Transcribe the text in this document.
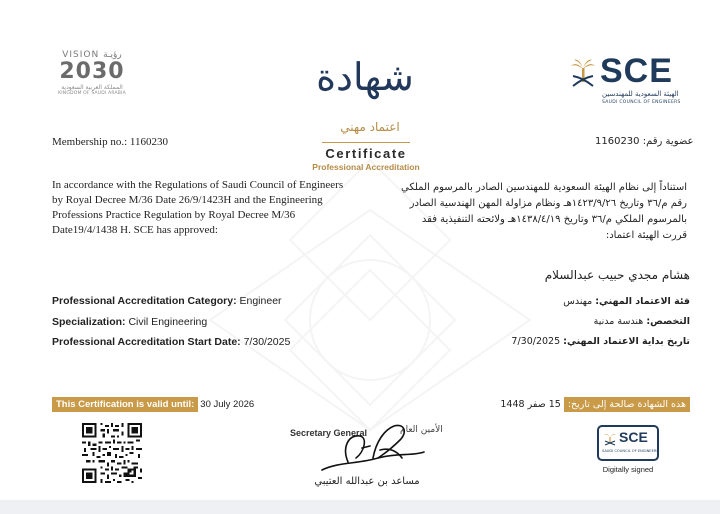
VISION رؤيـة
2030
المملكة العربية السعودية
KINGDOM OF SAUDI ARABIA
SCE
الهيئة السعودية للمهندسين
SAUDI COUNCIL OF ENGINEERS
شهادة
اعتماد مهني
Certificate
Professional Accreditation
Membership no.: 1160230	عضوية رقم: 1160230
In accordance with the Regulations of Saudi Council of Engineers by Royal Decree M/36 Date 26/9/1423H and the Engineering Professions Practice Regulation by Royal Decree M/36 Date19/4/1438 H. SCE has approved:
استناداً إلى نظام الهيئة السعودية للمهندسين الصادر بالمرسوم الملكي رقم م/٣٦ وتاريخ ١٤٢٣/٩/٢٦هـ ونظام مزاولة المهن الهندسية الصادر بالمرسوم الملكي م/٣٦ وتاريخ ١٤٣٨/٤/١٩هـ ولائحته التنفيذية فقد قررت الهيئة اعتماد:
هشام مجدي حبيب عبدالسلام
Professional Accreditation Category: Engineer	فئة الاعتماد المهني: مهندس
Specialization: Civil Engineering	التخصص: هندسة مدنية
Professional Accreditation Start Date: 7/30/2025	تاريخ بداية الاعتماد المهني: 7/30/2025
This Certification is valid until: 30 July 2026	هذه الشهادة صالحة إلى تاريخ:15 صفر 1448
Secretary General	الأمين العام
مساعد بن عبدالله العتيبي
SCE
SAUDI COUNCIL OF ENGINEERS
Digitally signed
